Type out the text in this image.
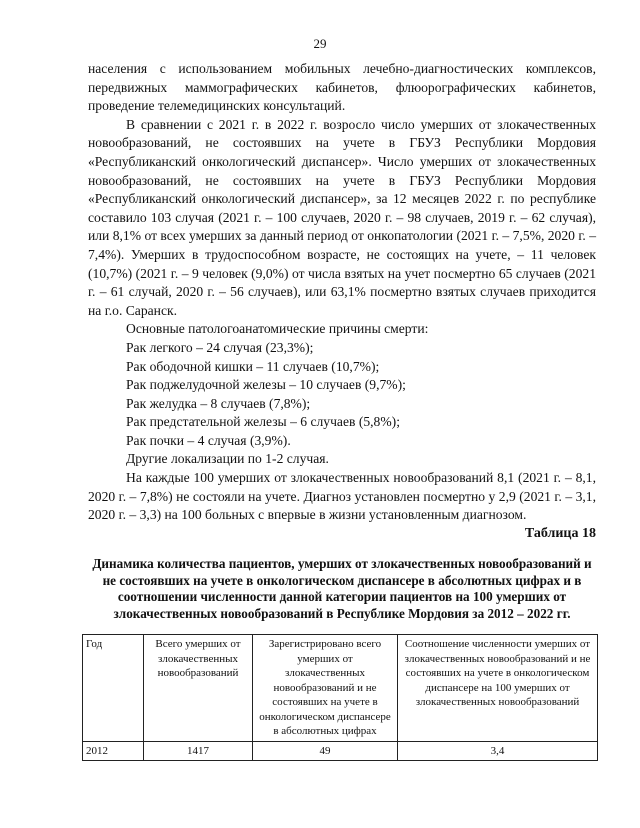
29

населения с использованием мобильных лечебно-диагностических комплексов, передвижных маммографических кабинетов, флюорографических кабинетов, проведение телемедицинских консультаций.

В сравнении с 2021 г. в 2022 г. возросло число умерших от злокачественных новообразований, не состоявших на учете в ГБУЗ Республики Мордовия «Республиканский онкологический диспансер». Число умерших от злокачественных новообразований, не состоявших на учете в ГБУЗ Республики Мордовия «Республиканский онкологический диспансер», за 12 месяцев 2022 г. по республике составило 103 случая (2021 г. – 100 случаев, 2020 г. – 98 случаев, 2019 г. – 62 случая), или 8,1% от всех умерших за данный период от онкопатологии (2021 г. – 7,5%, 2020 г. – 7,4%). Умерших в трудоспособном возрасте, не состоящих на учете, – 11 человек (10,7%) (2021 г. – 9 человек (9,0%) от числа взятых на учет посмертно 65 случаев (2021 г. – 61 случай, 2020 г. – 56 случаев), или 63,1% посмертно взятых случаев приходится на г.о. Саранск.

Основные патологоанатомические причины смерти:

Рак легкого – 24 случая (23,3%);

Рак ободочной кишки – 11 случаев (10,7%);

Рак поджелудочной железы – 10 случаев (9,7%);

Рак желудка – 8 случаев (7,8%);

Рак предстательной железы – 6 случаев (5,8%);

Рак почки – 4 случая (3,9%).

Другие локализации по 1-2 случая.

На каждые 100 умерших от злокачественных новообразований 8,1 (2021 г. – 8,1, 2020 г. – 7,8%) не состояли на учете. Диагноз установлен посмертно у 2,9 (2021 г. – 3,1, 2020 г. – 3,3) на 100 больных с впервые в жизни установленным диагнозом.

Таблица 18
Динамика количества пациентов, умерших от злокачественных новообразований и не состоявших на учете в онкологическом диспансере в абсолютных цифрах и в соотношении численности данной категории пациентов на 100 умерших от злокачественных новообразований в Республике Мордовия за 2012 – 2022 гг.
Год	Всего умерших от злокачественных новообразований	Зарегистрировано всего умерших от злокачественных новообразований и не состоявших на учете в онкологическом диспансере в абсолютных цифрах	Соотношение численности умерших от злокачественных новообразований и не состоявших на учете в онкологическом диспансере на 100 умерших от злокачественных новообразований
2012	1417	49	3,4
